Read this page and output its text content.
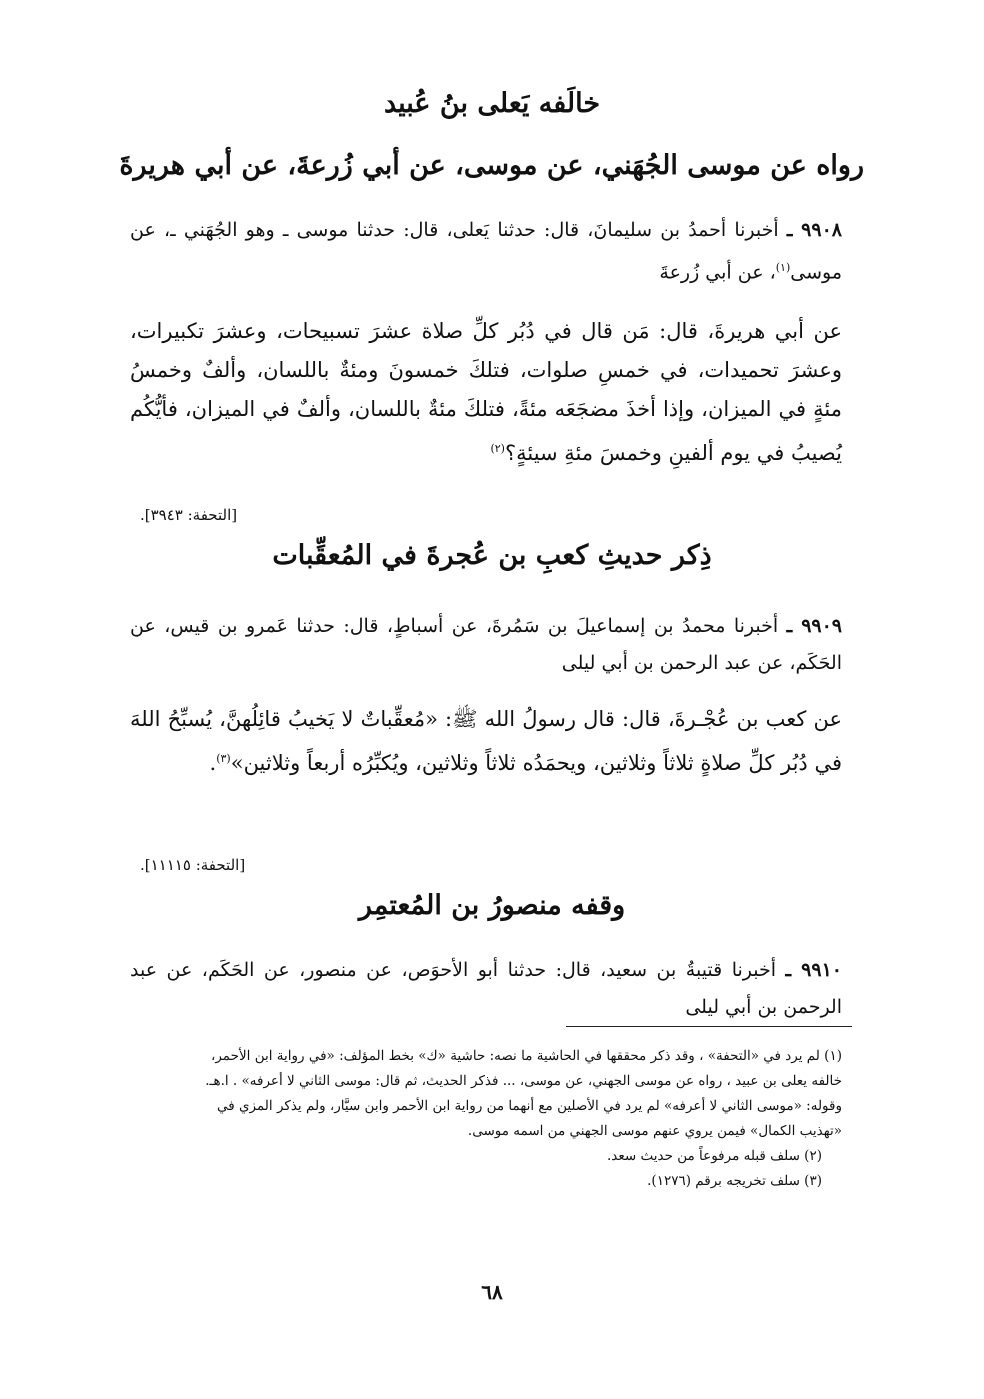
خالَفه يَعلى بنُ عُبيد
رواه عن موسى الجُهَني، عن موسى، عن أبي زُرعةَ، عن أبي هريرةَ
٩٩٠٨ ـ أخبرنا أحمدُ بن سليمانَ، قال: حدثنا يَعلى، قال: حدثنا موسى ـ وهو الجُهَني ـ، عن موسى$^{(١)}$، عن أبي زُرعةَ
عن أبي هريرةَ، قال: مَن قال في دُبُر كلِّ صلاة عشرَ تسبيحات، وعشرَ تكبيرات، وعشرَ تحميدات، في خمسِ صلوات، فتلكَ خمسونَ ومئةٌ باللسان، وألفٌ وخمسُ مئةٍ في الميزان، وإذا أخذَ مضجَعَه مئةً، فتلكَ مئةٌ باللسان، وألفٌ في الميزان، فأيُّكُم يُصيبُ في يوم ألفينِ وخمسَ مئةِ سيئةٍ؟$^{(٢)}$
[التحفة: ٣٩٤٣].
ذِكر حديثِ كعبِ بن عُجرةَ في المُعقِّبات
٩٩٠٩ ـ أخبرنا محمدُ بن إسماعيلَ بن سَمُرةَ، عن أسباطٍ، قال: حدثنا عَمرو بن قيس، عن الحَكَم، عن عبد الرحمن بن أبي ليلى
عن كعب بن عُجْـرةَ، قال: قال رسولُ الله ﷺ: «مُعقِّباتٌ لا يَخيبُ قائِلُهنَّ، يُسبِّحُ اللهَ في دُبُر كلِّ صلاةٍ ثلاثاً وثلاثين، ويحمَدُه ثلاثاً وثلاثين، ويُكبِّرُه أربعاً وثلاثين»$^{(٣)}$.
[التحفة: ١١١١٥].
وقفه منصورُ بن المُعتمِر
٩٩١٠ ـ أخبرنا قتيبةُ بن سعيد، قال: حدثنا أبو الأحوَص، عن منصور، عن الحَكَم، عن عبد الرحمن بن أبي ليلى
(١) لم يرد في «التحفة» ، وقد ذكر محققها في الحاشية ما نصه: حاشية «ك» بخط المؤلف: «في رواية ابن الأحمر،
خالفه يعلى بن عبيد ، رواه عن موسى الجهني، عن موسى، ... فذكر الحديث، ثم قال: موسى الثاني لا أعرفه» . ا.هـ.
وقوله: «موسى الثاني لا أعرفه» لم يرد في الأصلين مع أنهما من رواية ابن الأحمر وابن سيَّار، ولم يذكر المزي في
«تهذيب الكمال» فيمن يروي عنهم موسى الجهني من اسمه موسى.
(٢) سلف قبله مرفوعاً من حديث سعد.
(٣) سلف تخريجه برقم (١٢٧٦).
٦٨
